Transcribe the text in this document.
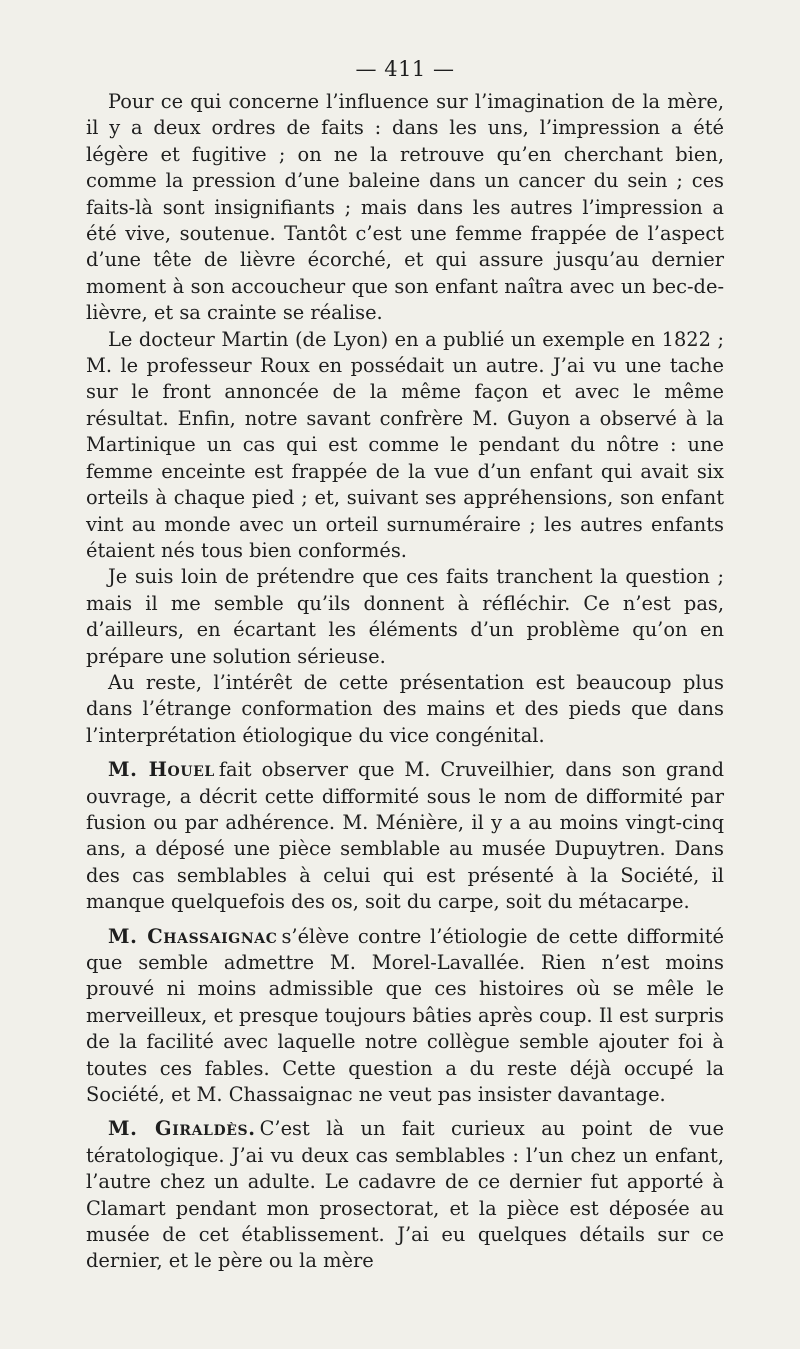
— 411 —

Pour ce qui concerne l’influence sur l’imagination de la mère, il y a deux ordres de faits : dans les uns, l’impression a été légère et fugitive ; on ne la retrouve qu’en cherchant bien, comme la pression d’une baleine dans un cancer du sein ; ces faits-là sont insignifiants ; mais dans les autres l’impression a été vive, soutenue. Tantôt c’est une femme frappée de l’aspect d’une tête de lièvre écorché, et qui assure jusqu’au dernier moment à son accoucheur que son enfant naîtra avec un bec-de-lièvre, et sa crainte se réalise.

Le docteur Martin (de Lyon) en a publié un exemple en 1822 ; M. le professeur Roux en possédait un autre. J’ai vu une tache sur le front annoncée de la même façon et avec le même résultat. Enfin, notre savant confrère M. Guyon a observé à la Martinique un cas qui est comme le pendant du nôtre : une femme enceinte est frappée de la vue d’un enfant qui avait six orteils à chaque pied ; et, suivant ses appréhensions, son enfant vint au monde avec un orteil surnuméraire ; les autres enfants étaient nés tous bien conformés.

Je suis loin de prétendre que ces faits tranchent la question ; mais il me semble qu’ils donnent à réfléchir. Ce n’est pas, d’ailleurs, en écartant les éléments d’un problème qu’on en prépare une solution sérieuse.

Au reste, l’intérêt de cette présentation est beaucoup plus dans l’étrange conformation des mains et des pieds que dans l’interprétation étiologique du vice congénital.

M. Houel fait observer que M. Cruveilhier, dans son grand ouvrage, a décrit cette difformité sous le nom de difformité par fusion ou par adhérence. M. Ménière, il y a au moins vingt-cinq ans, a déposé une pièce semblable au musée Dupuytren. Dans des cas semblables à celui qui est présenté à la Société, il manque quelquefois des os, soit du carpe, soit du métacarpe.

M. Chassaignac s’élève contre l’étiologie de cette difformité que semble admettre M. Morel-Lavallée. Rien n’est moins prouvé ni moins admissible que ces histoires où se mêle le merveilleux, et presque toujours bâties après coup. Il est surpris de la facilité avec laquelle notre collègue semble ajouter foi à toutes ces fables. Cette question a du reste déjà occupé la Société, et M. Chassaignac ne veut pas insister davantage.

M. Giraldès. C’est là un fait curieux au point de vue tératologique. J’ai vu deux cas semblables : l’un chez un enfant, l’autre chez un adulte. Le cadavre de ce dernier fut apporté à Clamart pendant mon prosectorat, et la pièce est déposée au musée de cet établissement. J’ai eu quelques détails sur ce dernier, et le père ou la mère
